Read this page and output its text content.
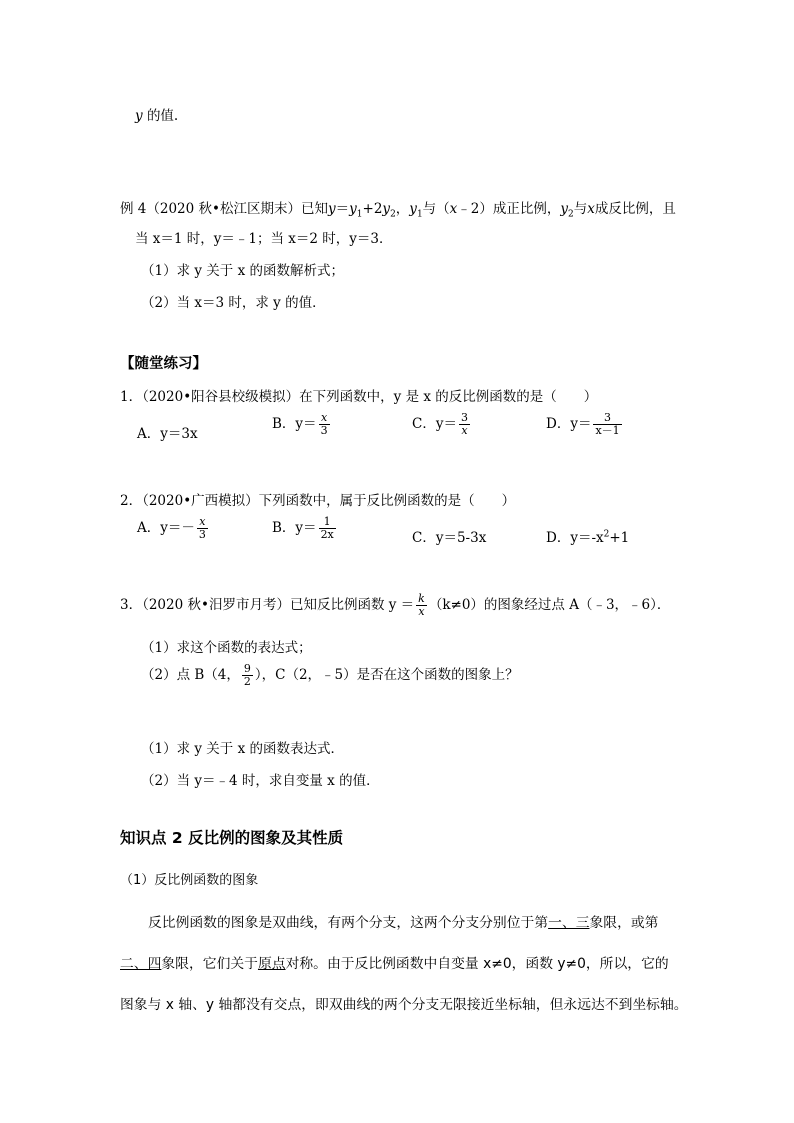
y 的值.
例 4（2020 秋•松江区期末）已知$y=y_1+2y_2$，$y_1$与（x﹣2）成正比例，$y_2$与x成反比例，且
当 x＝1 时，y＝﹣1；当 x＝2 时，y＝3．
（1）求 y 关于 x 的函数解析式；
（2）当 x＝3 时，求 y 的值．
【随堂练习】
1．（2020•阳谷县校级模拟）在下列函数中，y 是 x 的反比例函数的是（　　）
A．y＝3x
B．$y= \frac{x}{3}$	C．$y= \frac{3}{x}$	D．$y= \frac{3}{x-1}$
2．（2020•广西模拟）下列函数中，属于反比例函数的是（　　）
A．$y=- \frac{x}{3}$	B．$y= \frac{1}{2x}$	C．y＝5-3x	D．$y=-x^2+1$
3．（2020 秋•汨罗市月考）已知反比例函数 $y = \frac{k}{x} (k\ne 0)$的图象经过点 A（﹣3，﹣6）．
（1）求这个函数的表达式；
（2）点 B（4， $\frac{9}{2}$ ），C（2，﹣5）是否在这个函数的图象上？
（1）求 y 关于 x 的函数表达式．
（2）当 y＝﹣4 时，求自变量 x 的值．
知识点 2 反比例的图象及其性质
（1）反比例函数的图象
反比例函数的图象是双曲线，有两个分支，这两个分支分别位于第一、三象限，或第
二、四象限，它们关于原点对称。由于反比例函数中自变量 x≠0，函数 y≠0，所以，它的
图象与 x 轴、y 轴都没有交点，即双曲线的两个分支无限接近坐标轴，但永远达不到坐标轴。
